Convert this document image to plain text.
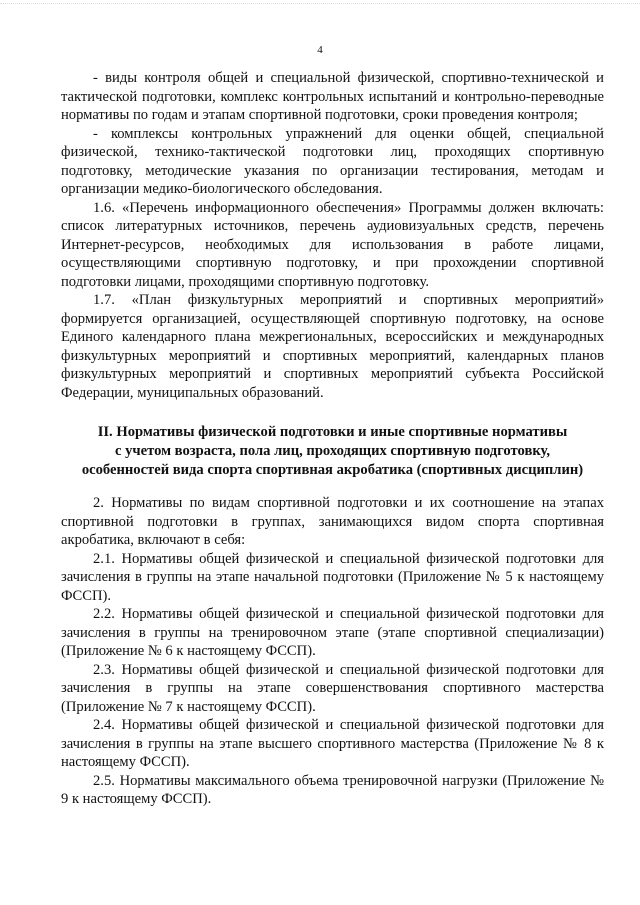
4

- виды контроля общей и специальной физической, спортивно-технической и тактической подготовки, комплекс контрольных испытаний и контрольно-переводные нормативы по годам и этапам спортивной подготовки, сроки проведения контроля;

- комплексы контрольных упражнений для оценки общей, специальной физической, технико-тактической подготовки лиц, проходящих спортивную подготовку, методические указания по организации тестирования, методам и организации медико-биологического обследования.

1.6. «Перечень информационного обеспечения» Программы должен включать: список литературных источников, перечень аудиовизуальных средств, перечень Интернет-ресурсов, необходимых для использования в работе лицами, осуществляющими спортивную подготовку, и при прохождении спортивной подготовки лицами, проходящими спортивную подготовку.

1.7. «План физкультурных мероприятий и спортивных мероприятий» формируется организацией, осуществляющей спортивную подготовку, на основе Единого календарного плана межрегиональных, всероссийских и международных физкультурных мероприятий и спортивных мероприятий, календарных планов физкультурных мероприятий и спортивных мероприятий субъекта Российской Федерации, муниципальных образований.

II. Нормативы физической подготовки и иные спортивные нормативы
с учетом возраста, пола лиц, проходящих спортивную подготовку,
особенностей вида спорта спортивная акробатика (спортивных дисциплин)

2. Нормативы по видам спортивной подготовки и их соотношение на этапах спортивной подготовки в группах, занимающихся видом спорта спортивная акробатика, включают в себя:

2.1. Нормативы общей физической и специальной физической подготовки для зачисления в группы на этапе начальной подготовки (Приложение № 5 к настоящему ФССП).

2.2. Нормативы общей физической и специальной физической подготовки для зачисления в группы на тренировочном этапе (этапе спортивной специализации) (Приложение № 6 к настоящему ФССП).

2.3. Нормативы общей физической и специальной физической подготовки для зачисления в группы на этапе совершенствования спортивного мастерства (Приложение № 7 к настоящему ФССП).

2.4. Нормативы общей физической и специальной физической подготовки для зачисления в группы на этапе высшего спортивного мастерства (Приложение № 8 к настоящему ФССП).

2.5. Нормативы максимального объема тренировочной нагрузки (Приложение № 9 к настоящему ФССП).
